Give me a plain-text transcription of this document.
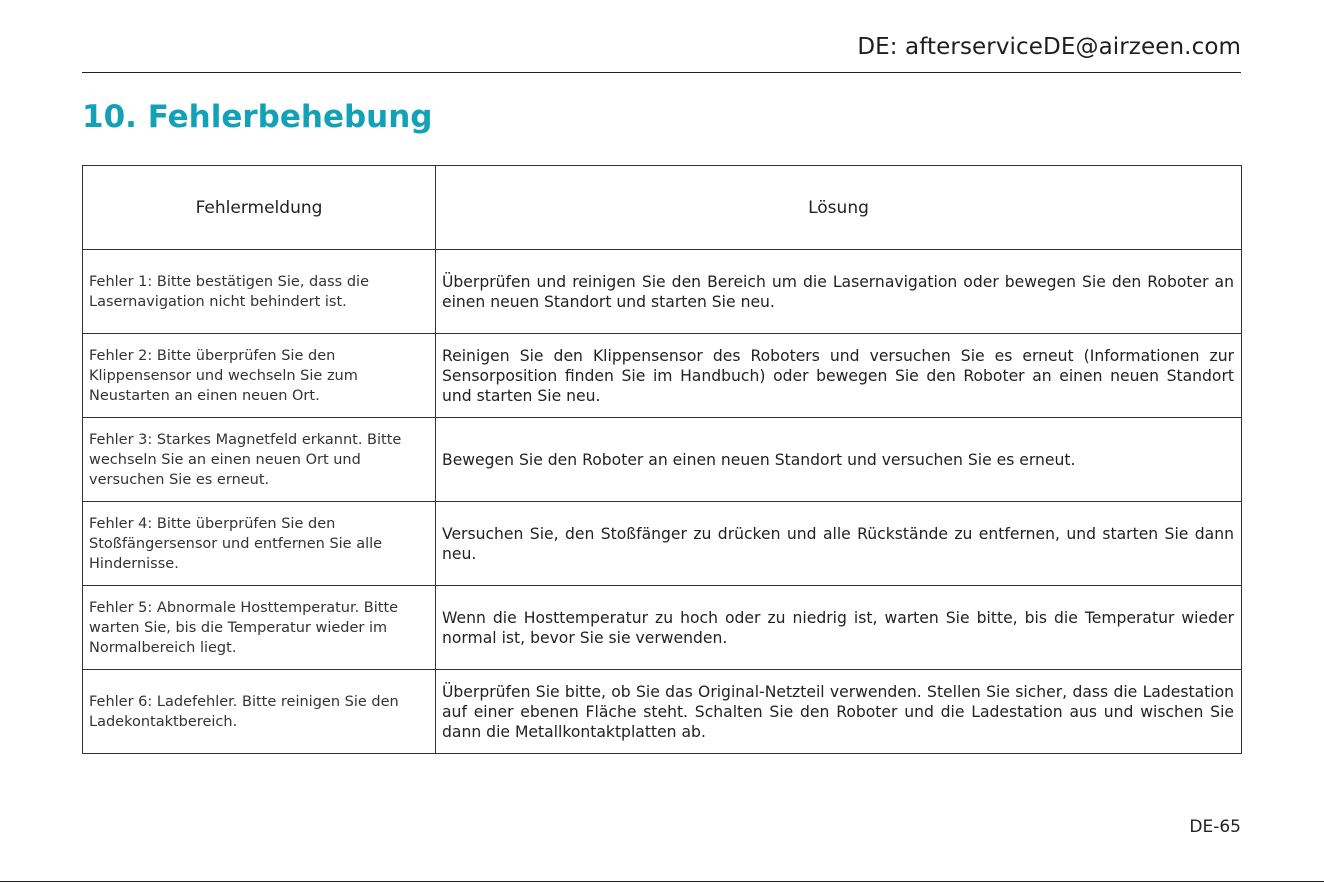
DE: afterserviceDE@airzeen.com
10. Fehlerbehebung
Fehlermeldung	Lösung
Fehler 1: Bitte bestätigen Sie, dass die Lasernavigation nicht behindert ist.	Überprüfen und reinigen Sie den Bereich um die Lasernavigation oder bewegen Sie den Roboter an einen neuen Standort und starten Sie neu.
Fehler 2: Bitte überprüfen Sie den Klippensensor und wechseln Sie zum Neustarten an einen neuen Ort.	Reinigen Sie den Klippensensor des Roboters und versuchen Sie es erneut (Informationen zur Sensorposition finden Sie im Handbuch) oder bewegen Sie den Roboter an einen neuen Standort und starten Sie neu.
Fehler 3: Starkes Magnetfeld erkannt. Bitte wechseln Sie an einen neuen Ort und versuchen Sie es erneut.	Bewegen Sie den Roboter an einen neuen Standort und versuchen Sie es erneut.
Fehler 4: Bitte überprüfen Sie den Stoßfängersensor und entfernen Sie alle Hindernisse.	Versuchen Sie, den Stoßfänger zu drücken und alle Rückstände zu entfernen, und starten Sie dann neu.
Fehler 5: Abnormale Hosttemperatur. Bitte warten Sie, bis die Temperatur wieder im Normalbereich liegt.	Wenn die Hosttemperatur zu hoch oder zu niedrig ist, warten Sie bitte, bis die Temperatur wieder normal ist, bevor Sie sie verwenden.
Fehler 6: Ladefehler. Bitte reinigen Sie den Ladekontaktbereich.	Überprüfen Sie bitte, ob Sie das Original-Netzteil verwenden. Stellen Sie sicher, dass die Ladestation auf einer ebenen Fläche steht. Schalten Sie den Roboter und die Ladestation aus und wischen Sie dann die Metallkontaktplatten ab.
DE-65
